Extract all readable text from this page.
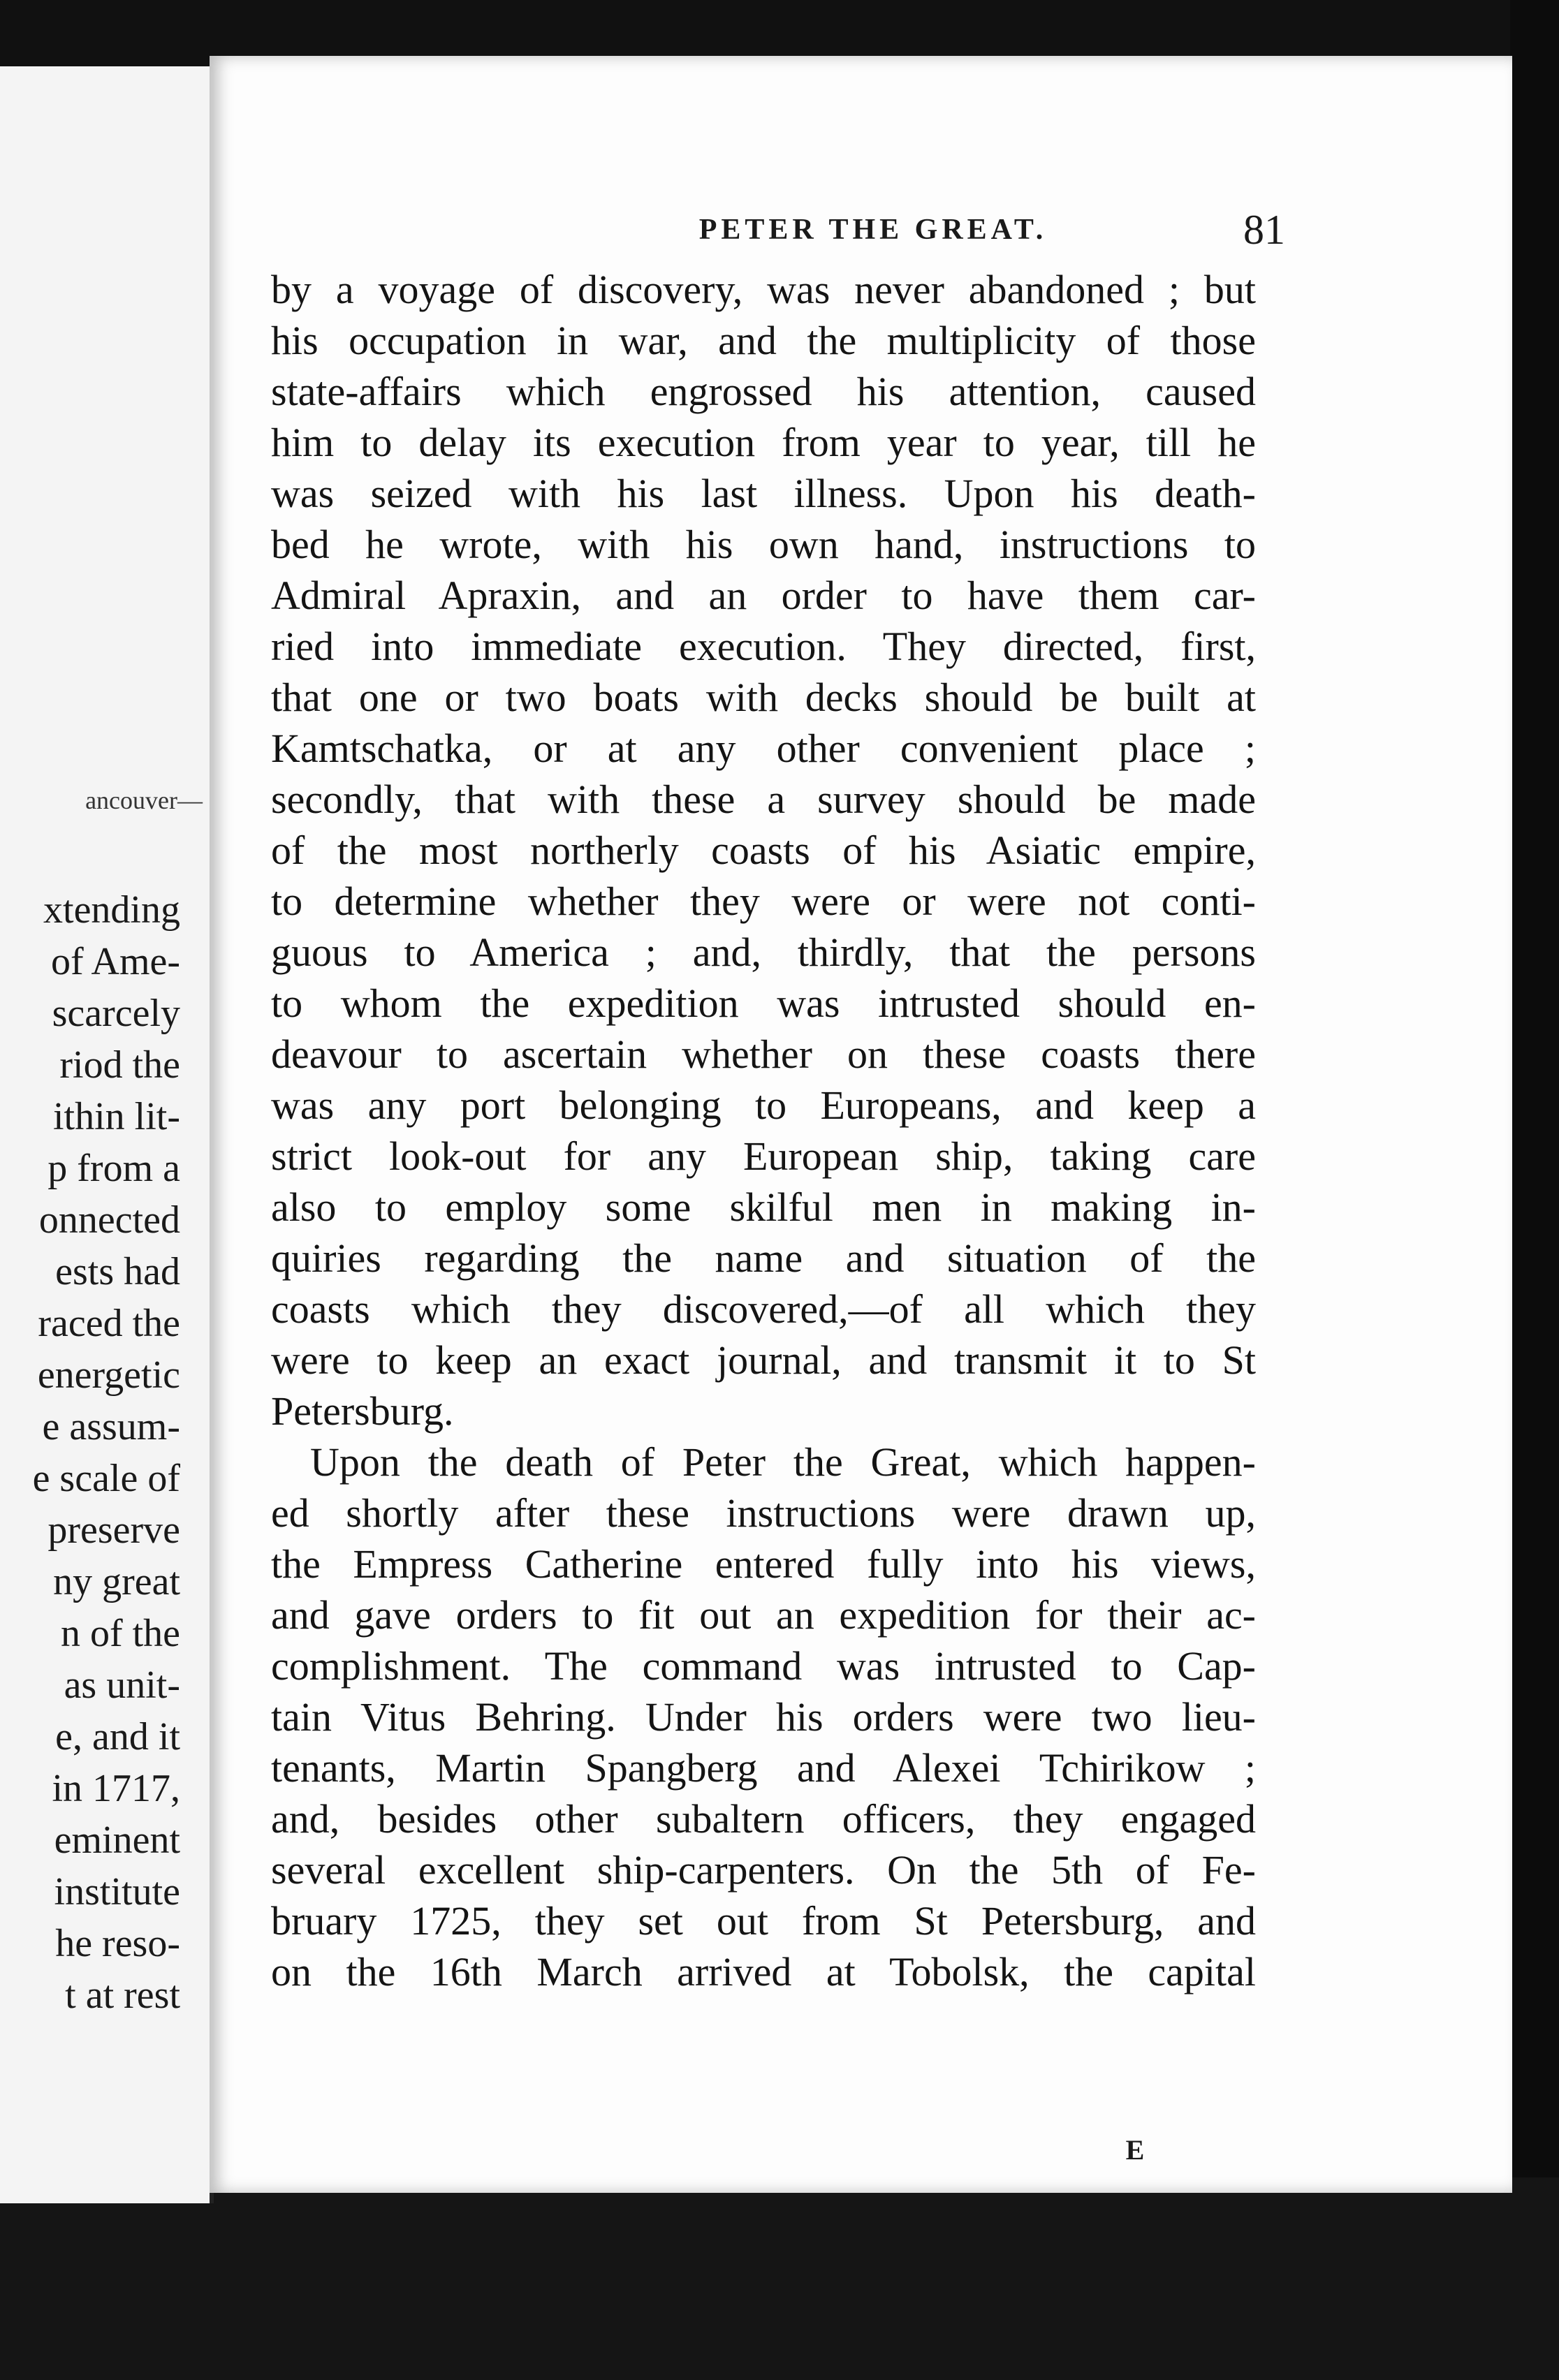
ancouver—
xtending
of Ame-
scarcely
riod the
ithin lit-
p from a
onnected
ests had
raced the
energetic
e assum-
e scale of
preserve
ny great
n of the
as unit-
e, and it
in 1717,
eminent
institute
he reso-
t at rest
PETER THE GREAT.	81
by a voyage of discovery, was never abandoned ; but
his occupation in war, and the multiplicity of those
state-affairs which engrossed his attention, caused
him to delay its execution from year to year, till he
was seized with his last illness. Upon his death-
bed he wrote, with his own hand, instructions to
Admiral Apraxin, and an order to have them car-
ried into immediate execution. They directed, first,
that one or two boats with decks should be built at
Kamtschatka, or at any other convenient place ;
secondly, that with these a survey should be made
of the most northerly coasts of his Asiatic empire,
to determine whether they were or were not conti-
guous to America ; and, thirdly, that the persons
to whom the expedition was intrusted should en-
deavour to ascertain whether on these coasts there
was any port belonging to Europeans, and keep a
strict look-out for any European ship, taking care
also to employ some skilful men in making in-
quiries regarding the name and situation of the
coasts which they discovered,—of all which they
were to keep an exact journal, and transmit it to St
Petersburg.
Upon the death of Peter the Great, which happen-
ed shortly after these instructions were drawn up,
the Empress Catherine entered fully into his views,
and gave orders to fit out an expedition for their ac-
complishment. The command was intrusted to Cap-
tain Vitus Behring. Under his orders were two lieu-
tenants, Martin Spangberg and Alexei Tchirikow ;
and, besides other subaltern officers, they engaged
several excellent ship-carpenters. On the 5th of Fe-
bruary 1725, they set out from St Petersburg, and
on the 16th March arrived at Tobolsk, the capital
E
